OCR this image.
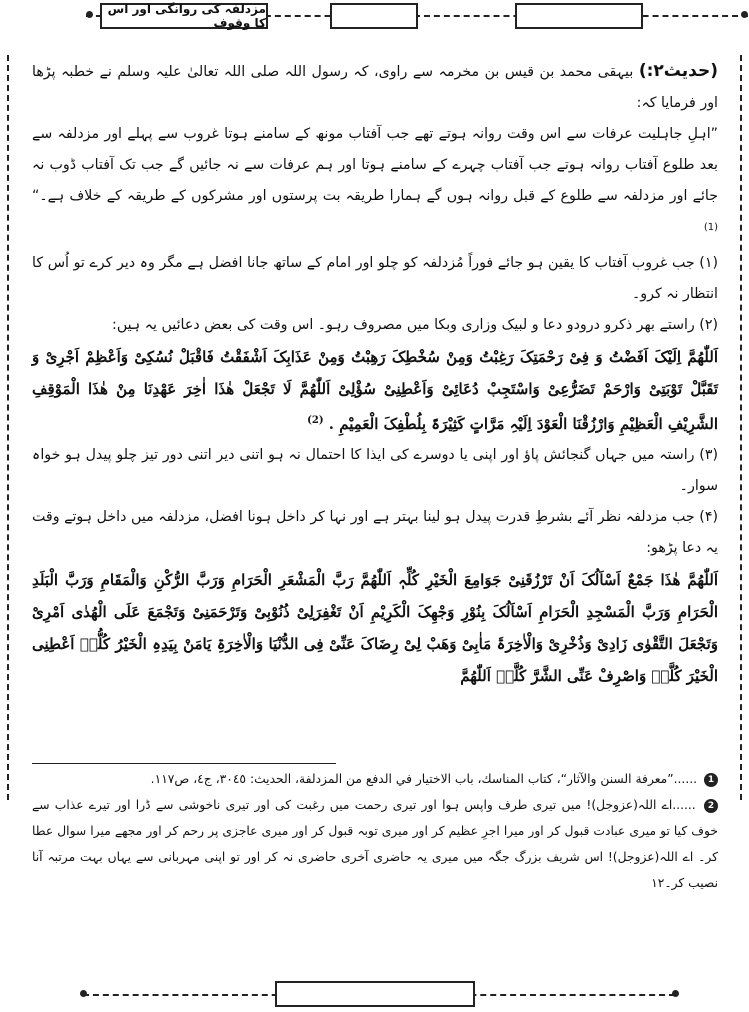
مزدلفہ کی روانگی اور اس کا وقوف

(حدیث۲:) بیہقی محمد بن قیس بن مخرمہ سے راوی، کہ رسول اللہ صلی اللہ تعالیٰ علیہ وسلم نے خطبہ پڑھا اور فرمایا کہ:

”اہلِ جاہلیت عرفات سے اس وقت روانہ ہوتے تھے جب آفتاب مونھ کے سامنے ہوتا غروب سے پہلے اور مزدلفہ سے بعد طلوع آفتاب روانہ ہوتے جب آفتاب چہرے کے سامنے ہوتا اور ہم عرفات سے نہ جائیں گے جب تک آفتاب ڈوب نہ جائے اور مزدلفہ سے طلوع کے قبل روانہ ہوں گے ہمارا طریقہ بت پرستوں اور مشرکوں کے طریقہ کے خلاف ہے۔“ $^{(1)}$

(۱) جب غروب آفتاب کا یقین ہو جائے فوراً مُزدلفہ کو چلو اور امام کے ساتھ جانا افضل ہے مگر وہ دیر کرے تو اُس کا انتظار نہ کرو۔

(۲) راستے بھر ذکرو درودو دعا و لبیک وزاری وبکا میں مصروف رہو۔ اس وقت کی بعض دعائیں یہ ہیں:

اَللّٰھُمَّ اِلَیْکَ اَفَضْتُ وَ فِیْ رَحْمَتِکَ رَغِبْتُ وَمِنْ سُخْطِکَ رَھِبْتُ وَمِنْ عَذَابِکَ اَشْفَقْتُ فَاقْبَلْ نُسُکِیْ وَاَعْظِمْ اَجْرِیْ وَ تَقَبَّلْ تَوْبَتِیْ وَارْحَمْ تَضَرُّعِیْ وَاسْتَجِبْ دُعَائِیْ وَاَعْطِنِیْ سُؤْلِیْ اَللّٰھُمَّ لَا تَجْعَلْ ھٰذَا اٰخِرَ عَھْدِنَا مِنْ ھٰذَا الْمَوْقِفِ الشَّرِیْفِ الْعَظِیْمِ وَارْزُقْنَا الْعَوْدَ اِلَیْہِ مَرَّاتٍ کَثِیْرَۃً بِلُطْفِکَ الْعَمِیْمِ . $^{(2)}$

(۳) راستہ میں جہاں گنجائش پاؤ اور اپنی یا دوسرے کی ایذا کا احتمال نہ ہو اتنی دیر اتنی دور تیز چلو پیدل ہو خواہ سوار۔

(۴) جب مزدلفہ نظر آئے بشرطِ قدرت پیدل ہو لینا بہتر ہے اور نہا کر داخل ہونا افضل، مزدلفہ میں داخل ہوتے وقت یہ دعا پڑھو:

اَللّٰھُمَّ ھٰذَا جَمْعٌ اَسْاَلُکَ اَنْ تَرْزُقَنِیْ جَوَامِعَ الْخَیْرِ کُلِّہٖ اَللّٰھُمَّ رَبَّ الْمَشْعَرِ الْحَرَامِ وَرَبَّ الرُّکْنِ وَالْمَقَامِ وَرَبَّ الْبَلَدِ الْحَرَامِ وَرَبَّ الْمَسْجِدِ الْحَرَامِ اَسْاَلُکَ بِنُوْرِ وَجْھِکَ الْکَرِیْمِ اَنْ تَغْفِرَلِیْ ذُنُوْبِیْ وَتَرْحَمَنِیْ وَتَجْمَعَ عَلَی الْھُدٰی اَمْرِیْ وَتَجْعَلَ التَّقْوٰی زَادِیْ وَذُخْرِیْ وَالْاٰخِرَۃَ مَاٰبِیْ وَھَبْ لِیْ رِضَاکَ عَنِّیْ فِی الدُّنْیَا وَالْاٰخِرَۃِ یَامَنْ بِیَدِہِ الْخَیْرُ کُلُّہٗ اَعْطِنِی الْخَیْرَ کُلَّہٗ وَاصْرِفْ عَنِّی الشَّرَّ کُلَّہٗ اَللّٰھُمَّ

1 ......”معرفة السنن والآثار“، كتاب المناسك، باب الاختيار في الدفع من المزدلفة، الحديث: ٣٠٤٥، ج٤، ص١١٧.

2 ......اے اللہ(عزوجل)! میں تیری طرف واپس ہوا اور تیری رحمت میں رغبت کی اور تیری ناخوشی سے ڈرا اور تیرے عذاب سے خوف کیا تو میری عبادت قبول کر اور میرا اجرِ عظیم کر اور میری توبہ قبول کر اور میری عاجزی پر رحم کر اور مجھے میرا سوال عطا کر۔ اے اللہ(عزوجل)! اس شریف بزرگ جگہ میں میری یہ حاضری آخری حاضری نہ کر اور تو اپنی مہربانی سے یہاں بہت مرتبہ آنا نصیب کر۔۱۲
